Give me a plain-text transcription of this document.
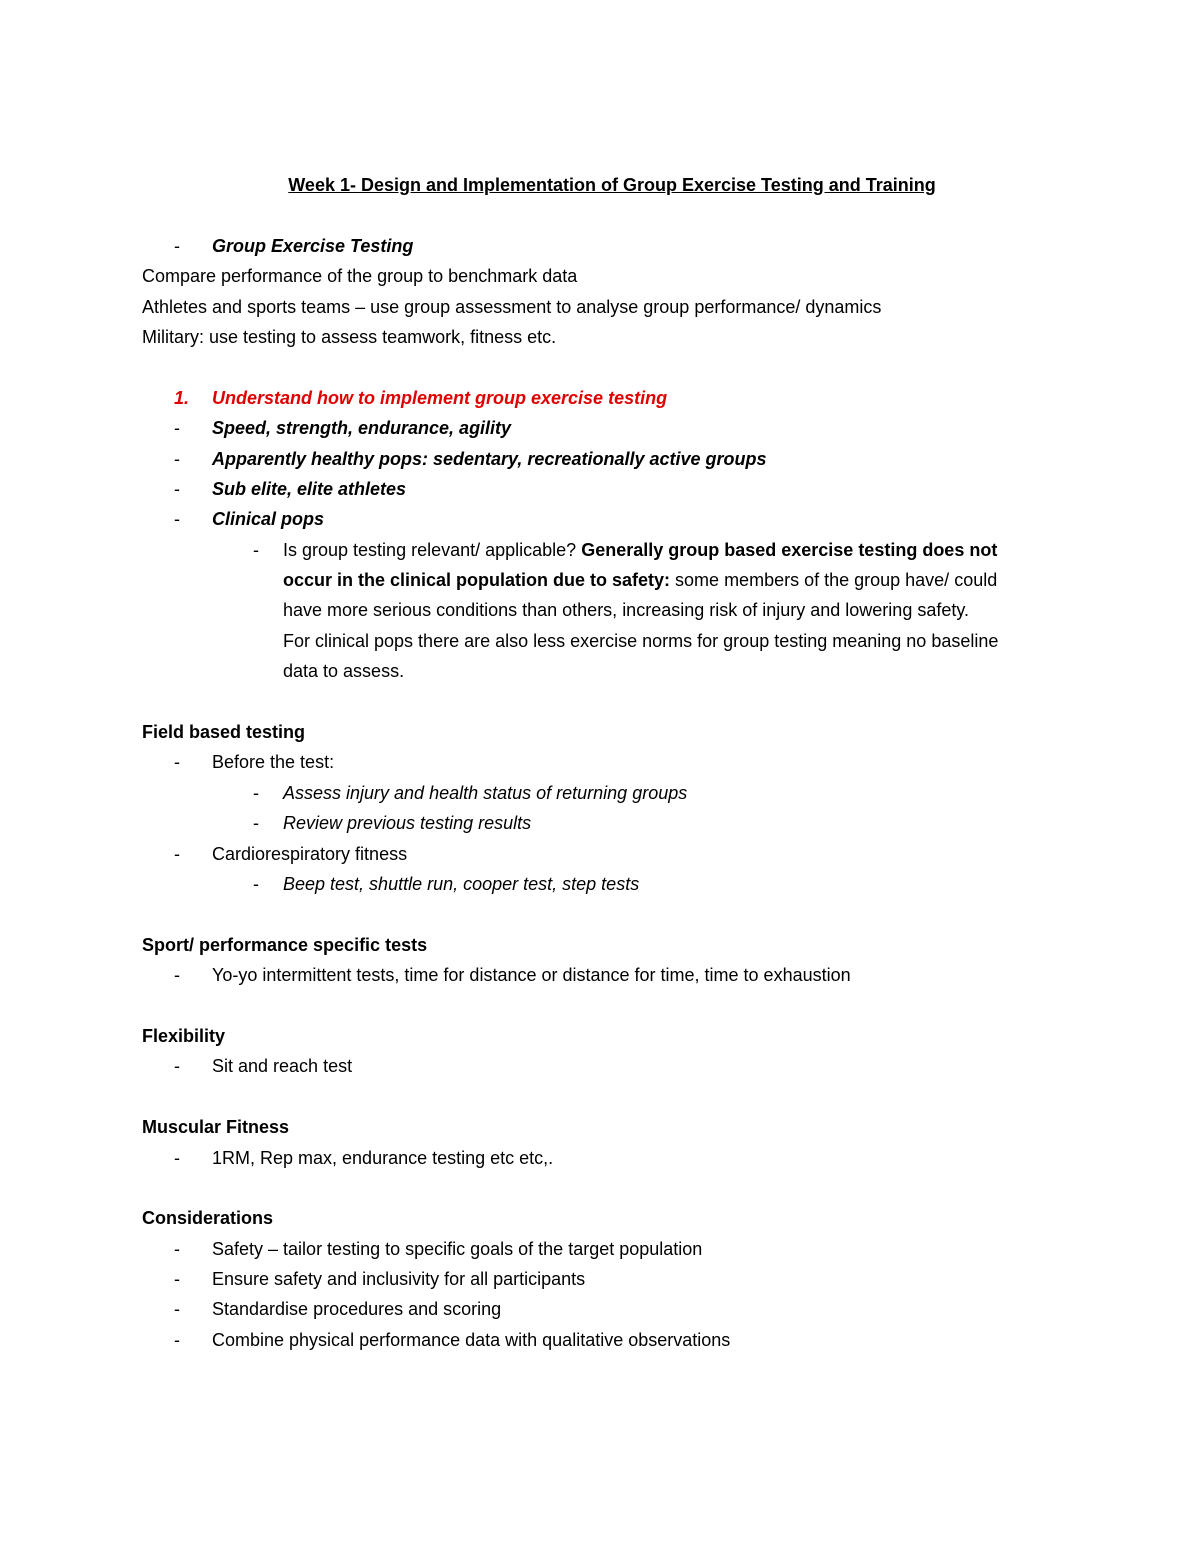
Week 1- Design and Implementation of Group Exercise Testing and Training
- Group Exercise Testing
Compare performance of the group to benchmark data
Athletes and sports teams – use group assessment to analyse group performance/ dynamics
Military: use testing to assess teamwork, fitness etc.
1. Understand how to implement group exercise testing
- Speed, strength, endurance, agility
- Apparently healthy pops: sedentary, recreationally active groups
- Sub elite, elite athletes
- Clinical pops
- Is group testing relevant/ applicable? Generally group based exercise testing does not
occur in the clinical population due to safety: some members of the group have/ could
have more serious conditions than others, increasing risk of injury and lowering safety.
For clinical pops there are also less exercise norms for group testing meaning no baseline
data to assess.
Field based testing
- Before the test:
- Assess injury and health status of returning groups
- Review previous testing results
- Cardiorespiratory fitness
- Beep test, shuttle run, cooper test, step tests
Sport/ performance specific tests
- Yo-yo intermittent tests, time for distance or distance for time, time to exhaustion
Flexibility
- Sit and reach test
Muscular Fitness
- 1RM, Rep max, endurance testing etc etc,.
Considerations
- Safety – tailor testing to specific goals of the target population
- Ensure safety and inclusivity for all participants
- Standardise procedures and scoring
- Combine physical performance data with qualitative observations
